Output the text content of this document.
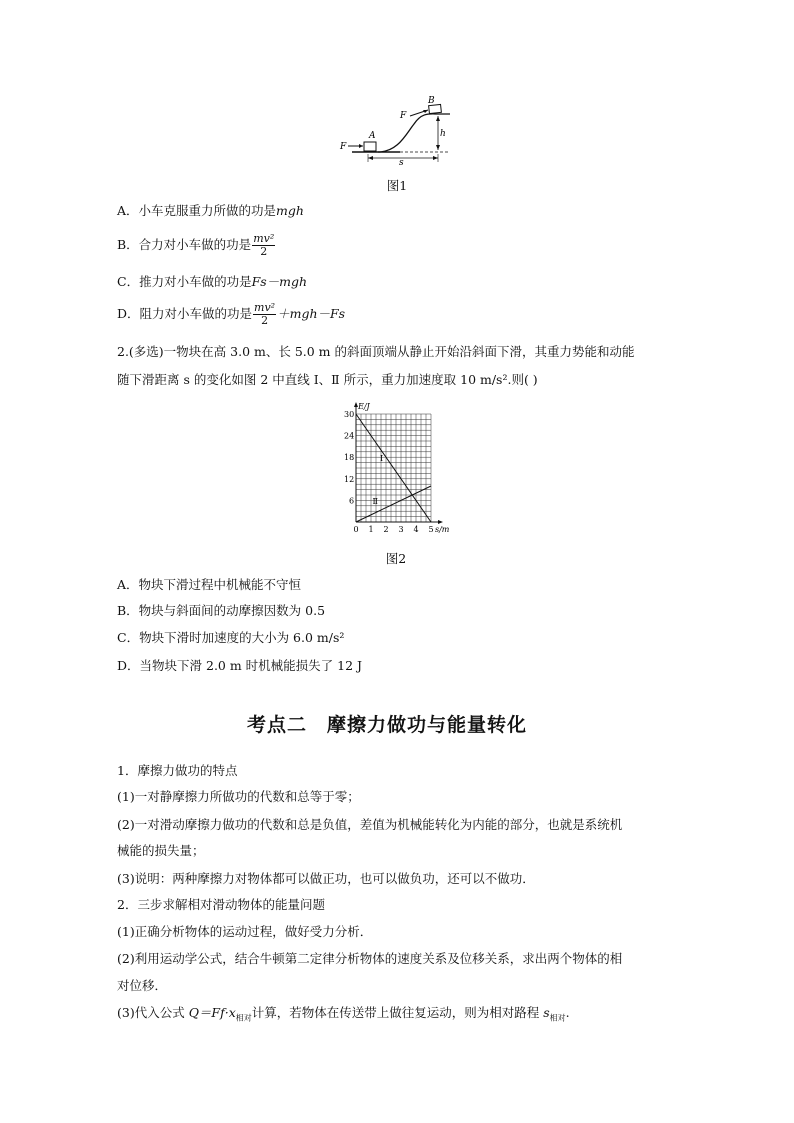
F
A
F
B
h
s
图1
A．小车克服重力所做的功是mgh
B．合力对小车做的功是 $\frac{\text{mv²}}{2}$
C．推力对小车做的功是Fs－mgh
D．阻力对小车做的功是 $\frac{\text{mv²}}{2} +mgh-Fs$
2.(多选)一物块在高 3.0 m、长 5.0 m 的斜面顶端从静止开始沿斜面下滑，其重力势能和动能
随下滑距离 s 的变化如图 2 中直线 Ⅰ、Ⅱ 所示，重力加速度取 10 m/s².则( )
0 1 2 3 4 5
6
12
18
24
30
s/m
E/J
Ⅰ
Ⅱ
图2
A．物块下滑过程中机械能不守恒
B．物块与斜面间的动摩擦因数为 0.5
C．物块下滑时加速度的大小为 6.0 m/s²
D．当物块下滑 2.0 m 时机械能损失了 12 J
考点二　摩擦力做功与能量转化
1．摩擦力做功的特点
(1)一对静摩擦力所做功的代数和总等于零；
(2)一对滑动摩擦力做功的代数和总是负值，差值为机械能转化为内能的部分，也就是系统机
械能的损失量；
(3)说明：两种摩擦力对物体都可以做正功，也可以做负功，还可以不做功．
2．三步求解相对滑动物体的能量问题
(1)正确分析物体的运动过程，做好受力分析．
(2)利用运动学公式，结合牛顿第二定律分析物体的速度关系及位移关系，求出两个物体的相
对位移．
(3)代入公式 $Q=Ff\cdot x_{相对}$计算，若物体在传送带上做往复运动，则为相对路程 $s_{相对}$.
